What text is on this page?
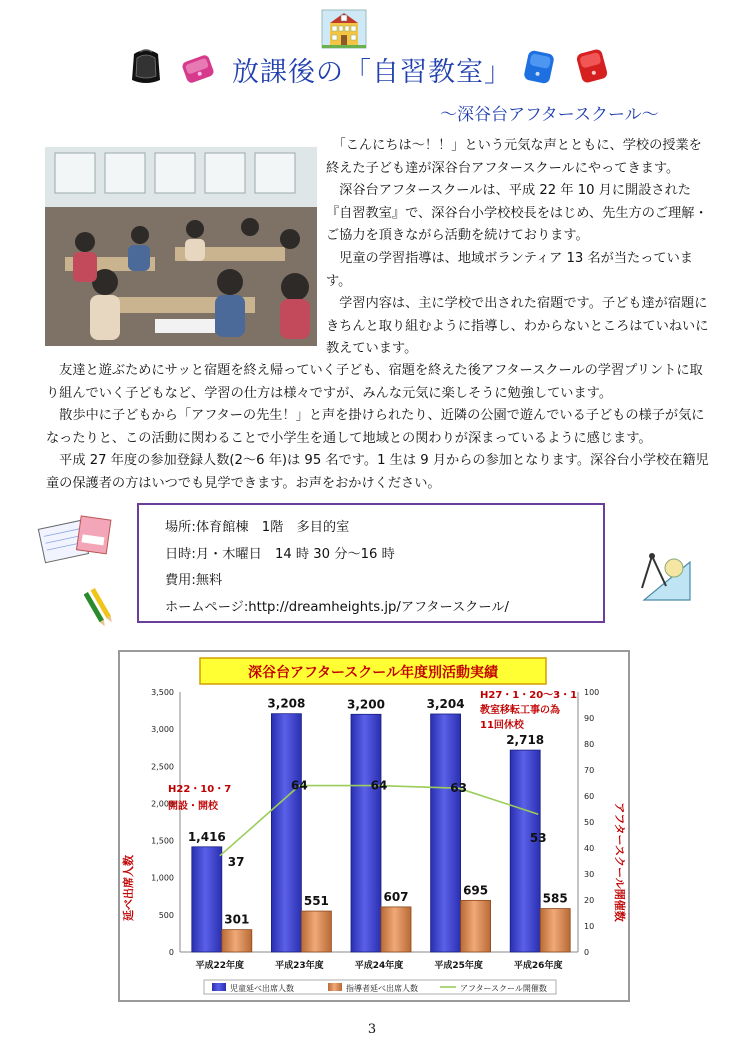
放課後の「自習教室」
～深谷台アフタースクール～

　「こんにちは～！！」という元気な声とともに、学校の授業を終えた子ども達が深谷台アフタースクールにやってきます。

　深谷台アフタースクールは、平成 22 年 10 月に開設された『自習教室』で、深谷台小学校校長をはじめ、先生方のご理解・ご協力を頂きながら活動を続けております。

　児童の学習指導は、地域ボランティア 13 名が当たっています。

　学習内容は、主に学校で出された宿題です。子ども達が宿題にきちんと取り組むように指導し、わからないところはていねいに教えています。

　友達と遊ぶためにサッと宿題を終え帰っていく子ども、宿題を終えた後アフタースクールの学習プリントに取り組んでいく子どもなど、学習の仕方は様々ですが、みんな元気に楽しそうに勉強しています。

　散歩中に子どもから「アフターの先生！」と声を掛けられたり、近隣の公園で遊んでいる子どもの様子が気になったりと、この活動に関わることで小学生を通して地域との関わりが深まっているように感じます。

　平成 27 年度の参加登録人数(2～6 年)は 95 名です。1 生は 9 月からの参加となります。深谷台小学校在籍児童の保護者の方はいつでも見学できます。お声をおかけください。

場所:体育館棟　1階　多目的室
日時:月・木曜日　14 時 30 分～16 時
費用:無料
ホームページ:http://dreamheights.jp/アフタースクール/
深谷台アフタースクール年度別活動実績
0
500
1,000
1,500
2,000
2,500
3,000
3,500
0
10
20
30
40
50
60
70
80
90
100
1,416
301
3,208
551
3,200
607
3,204
695
2,718
585
37
64	64	63
53
平成22年度	平成23年度	平成24年度	平成25年度	平成26年度
延べ出席人数	アフタースクール開催数
H22・10・7
開設・開校
H27・1・20～3・1
教室移転工事の為
11回休校
児童延べ出席人数	指導者延べ出席人数	アフタースクール開催数
3
